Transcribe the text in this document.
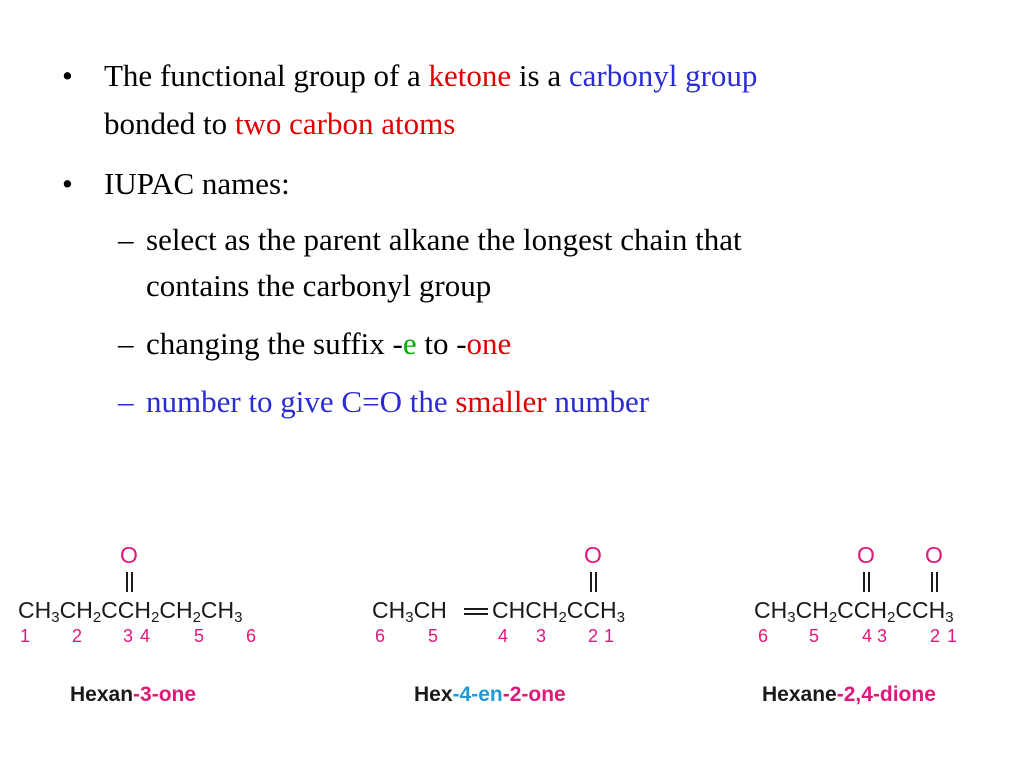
• The functional group of a ketone is a carbonyl group
bonded to two carbon atoms
• IUPAC names:
– select as the parent alkane the longest chain that
contains the carbonyl group
– changing the suffix -e to -one
– number to give C=O the smaller number
O
$CH_3CH_2CCH_2CH_2CH_3$
1 2 3 4 5 6
Hexan-3-one
O
$CH_3CH$ $CHCH_2CCH_3$
6 5	4 3 2 1
Hex-4-en-2-one
O O
$CH_3CH_2CCH_2CCH_3$
6 5 4 3 2 1
Hexane-2,4-dione
